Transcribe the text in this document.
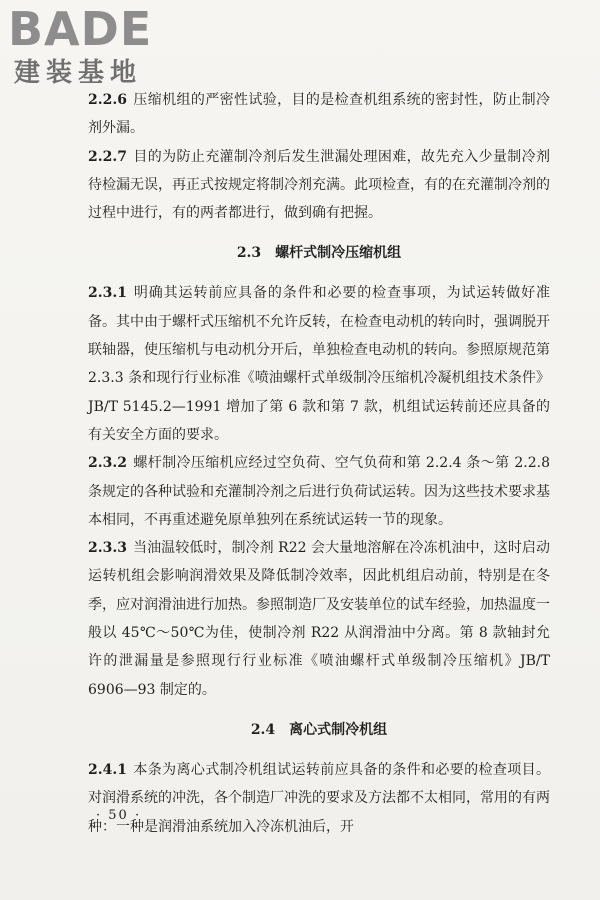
BADE
建装基地

2.2.6 压缩机组的严密性试验，目的是检查机组系统的密封性，防止制冷剂外漏。

2.2.7 目的为防止充灌制冷剂后发生泄漏处理困难，故先充入少量制冷剂待检漏无误，再正式按规定将制冷剂充满。此项检查，有的在充灌制冷剂的过程中进行，有的两者都进行，做到确有把握。

2.3 螺杆式制冷压缩机组

2.3.1 明确其运转前应具备的条件和必要的检查事项，为试运转做好准备。其中由于螺杆式压缩机不允许反转，在检查电动机的转向时，强调脱开联轴器，使压缩机与电动机分开后，单独检查电动机的转向。参照原规范第 2.3.3 条和现行行业标准《喷油螺杆式单级制冷压缩机冷凝机组技术条件》JB/T 5145.2—1991 增加了第 6 款和第 7 款，机组试运转前还应具备的有关安全方面的要求。

2.3.2 螺杆制冷压缩机应经过空负荷、空气负荷和第 2.2.4 条～第 2.2.8 条规定的各种试验和充灌制冷剂之后进行负荷试运转。因为这些技术要求基本相同，不再重述避免原单独列在系统试运转一节的现象。

2.3.3 当油温较低时，制冷剂 R22 会大量地溶解在冷冻机油中，这时启动运转机组会影响润滑效果及降低制冷效率，因此机组启动前，特别是在冬季，应对润滑油进行加热。参照制造厂及安装单位的试车经验，加热温度一般以 45℃～50℃为佳，使制冷剂 R22 从润滑油中分离。第 8 款轴封允许的泄漏量是参照现行行业标准《喷油螺杆式单级制冷压缩机》JB/T 6906—93 制定的。

2.4 离心式制冷机组

2.4.1 本条为离心式制冷机组试运转前应具备的条件和必要的检查项目。对润滑系统的冲洗，各个制造厂冲洗的要求及方法都不太相同，常用的有两种：一种是润滑油系统加入冷冻机油后，开

· 50 ·
